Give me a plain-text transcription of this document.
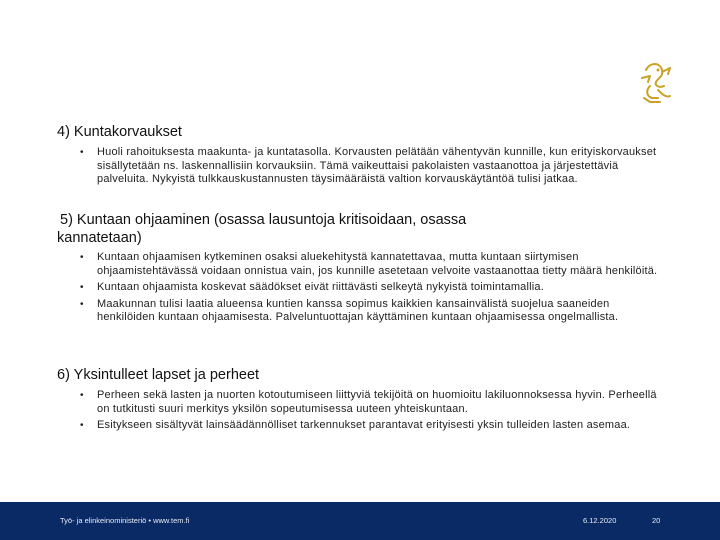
4) Kuntakorvaukset
• Huoli rahoituksesta maakunta- ja kuntatasolla. Korvausten pelätään vähentyvän kunnille, kun erityiskorvaukset sisällytetään ns. laskennallisiin korvauksiin. Tämä vaikeuttaisi pakolaisten vastaanottoa ja järjestettäviä palveluita. Nykyistä tulkkauskustannusten täysimääräistä valtion korvauskäytäntöä tulisi jatkaa.
5) Kuntaan ohjaaminen (osassa lausuntoja kritisoidaan, osassa
kannatetaan)
• Kuntaan ohjaamisen kytkeminen osaksi aluekehitystä kannatettavaa, mutta kuntaan siirtymisen ohjaamistehtävässä voidaan onnistua vain, jos kunnille asetetaan velvoite vastaanottaa tietty määrä henkilöitä.
• Kuntaan ohjaamista koskevat säädökset eivät riittävästi selkeytä nykyistä toimintamallia.
• Maakunnan tulisi laatia alueensa kuntien kanssa sopimus kaikkien kansainvälistä suojelua saaneiden henkilöiden kuntaan ohjaamisesta. Palveluntuottajan käyttäminen kuntaan ohjaamisessa ongelmallista.
6) Yksintulleet lapset ja perheet
• Perheen sekä lasten ja nuorten kotoutumiseen liittyviä tekijöitä on huomioitu lakiluonnoksessa hyvin. Perheellä on tutkitusti suuri merkitys yksilön sopeutumisessa uuteen yhteiskuntaan.
• Esitykseen sisältyvät lainsäädännölliset tarkennukset parantavat erityisesti yksin tulleiden lasten asemaa.
Työ- ja elinkeinoministeriö • www.tem.fi	6.12.2020	20
